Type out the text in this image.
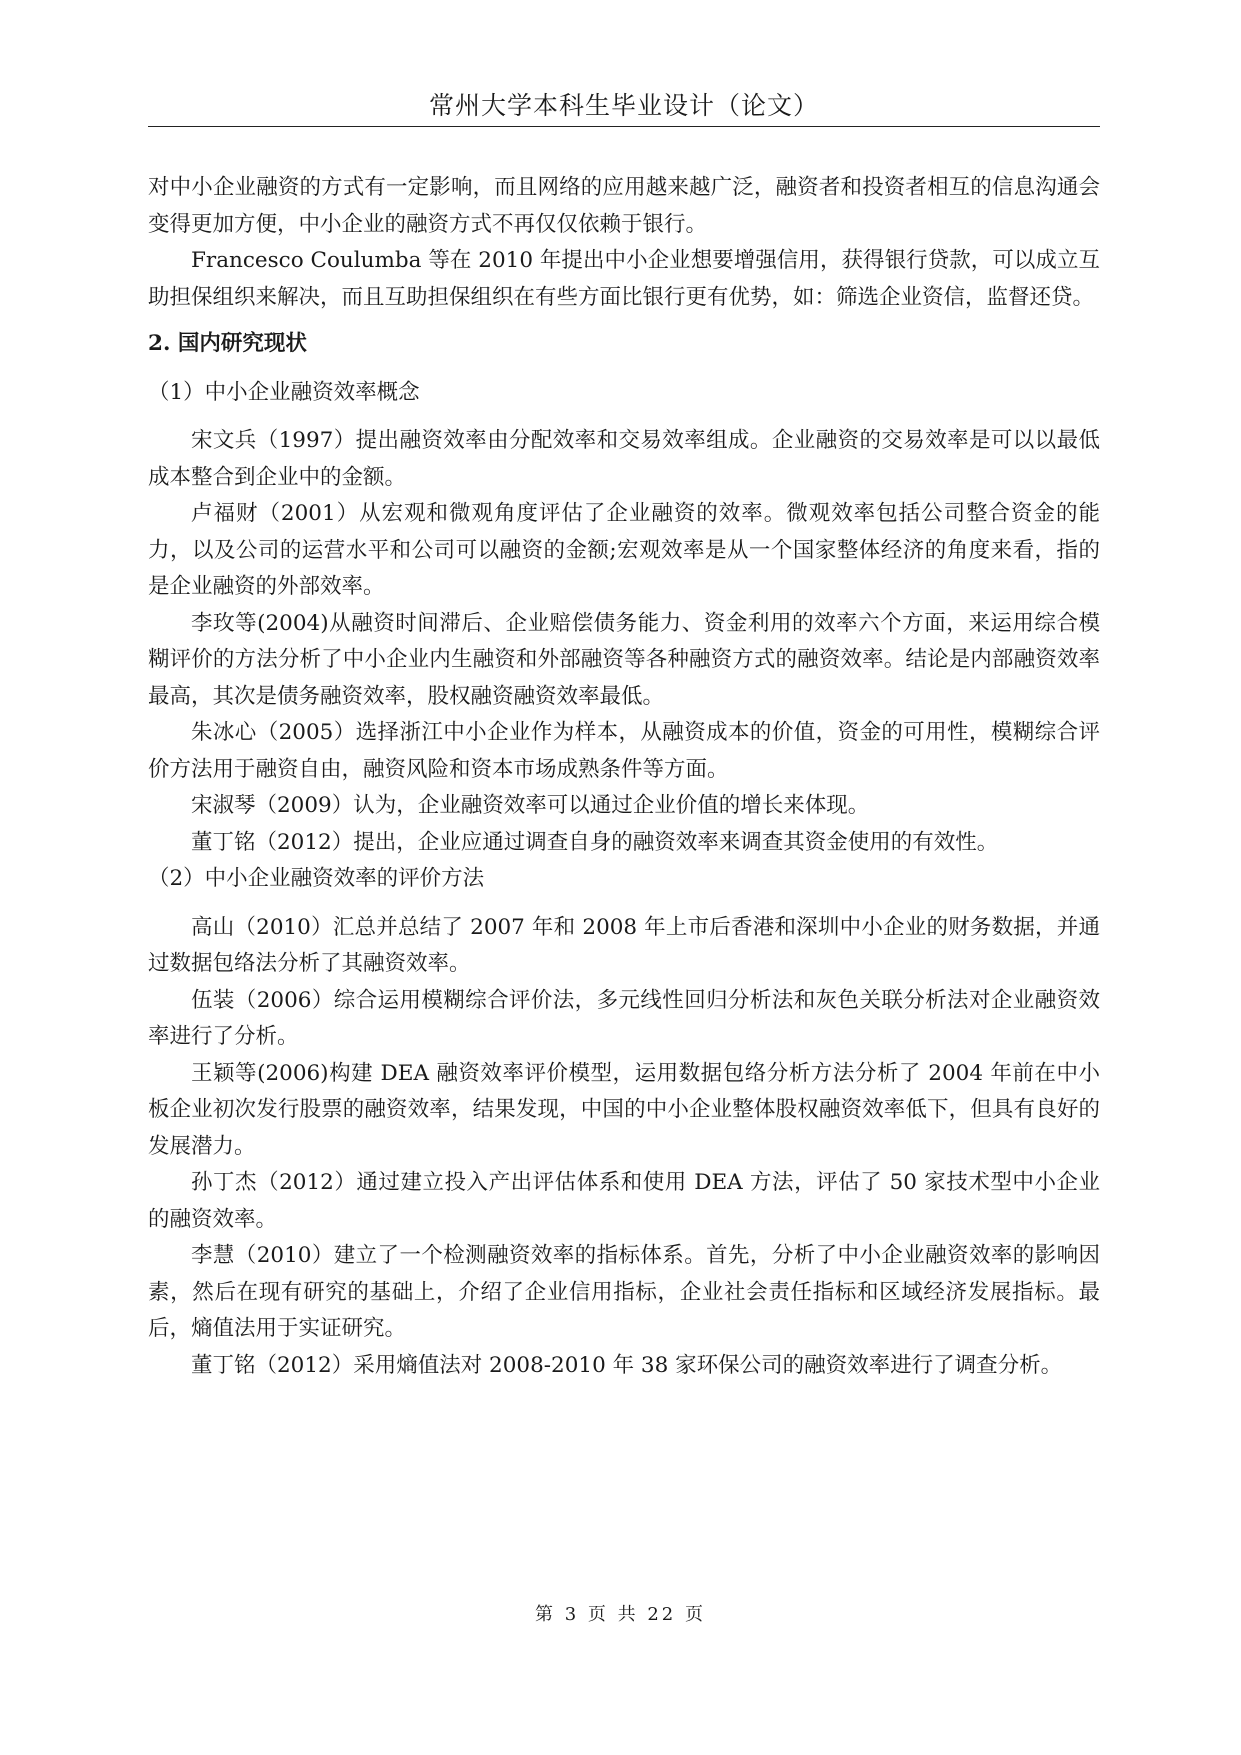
常州大学本科生毕业设计（论文）

对中小企业融资的方式有一定影响，而且网络的应用越来越广泛，融资者和投资者相互的信息沟通会变得更加方便，中小企业的融资方式不再仅仅依赖于银行。

Francesco Coulumba 等在 2010 年提出中小企业想要增强信用，获得银行贷款，可以成立互助担保组织来解决，而且互助担保组织在有些方面比银行更有优势，如：筛选企业资信，监督还贷。

2. 国内研究现状

（1）中小企业融资效率概念

宋文兵（1997）提出融资效率由分配效率和交易效率组成。企业融资的交易效率是可以以最低成本整合到企业中的金额。

卢福财（2001）从宏观和微观角度评估了企业融资的效率。微观效率包括公司整合资金的能力，以及公司的运营水平和公司可以融资的金额;宏观效率是从一个国家整体经济的角度来看，指的是企业融资的外部效率。

李玫等(2004)从融资时间滞后、企业赔偿债务能力、资金利用的效率六个方面，来运用综合模糊评价的方法分析了中小企业内生融资和外部融资等各种融资方式的融资效率。结论是内部融资效率最高，其次是债务融资效率，股权融资融资效率最低。

朱冰心（2005）选择浙江中小企业作为样本，从融资成本的价值，资金的可用性，模糊综合评价方法用于融资自由，融资风险和资本市场成熟条件等方面。

宋淑琴（2009）认为，企业融资效率可以通过企业价值的增长来体现。

董丁铭（2012）提出，企业应通过调查自身的融资效率来调查其资金使用的有效性。

（2）中小企业融资效率的评价方法

高山（2010）汇总并总结了 2007 年和 2008 年上市后香港和深圳中小企业的财务数据，并通过数据包络法分析了其融资效率。

伍装（2006）综合运用模糊综合评价法，多元线性回归分析法和灰色关联分析法对企业融资效率进行了分析。

王颖等(2006)构建 DEA 融资效率评价模型，运用数据包络分析方法分析了 2004 年前在中小板企业初次发行股票的融资效率，结果发现，中国的中小企业整体股权融资效率低下，但具有良好的发展潜力。

孙丁杰（2012）通过建立投入产出评估体系和使用 DEA 方法，评估了 50 家技术型中小企业的融资效率。

李慧（2010）建立了一个检测融资效率的指标体系。首先，分析了中小企业融资效率的影响因素，然后在现有研究的基础上，介绍了企业信用指标，企业社会责任指标和区域经济发展指标。最后，熵值法用于实证研究。

董丁铭（2012）采用熵值法对 2008-2010 年 38 家环保公司的融资效率进行了调查分析。

第 3 页 共 22 页
